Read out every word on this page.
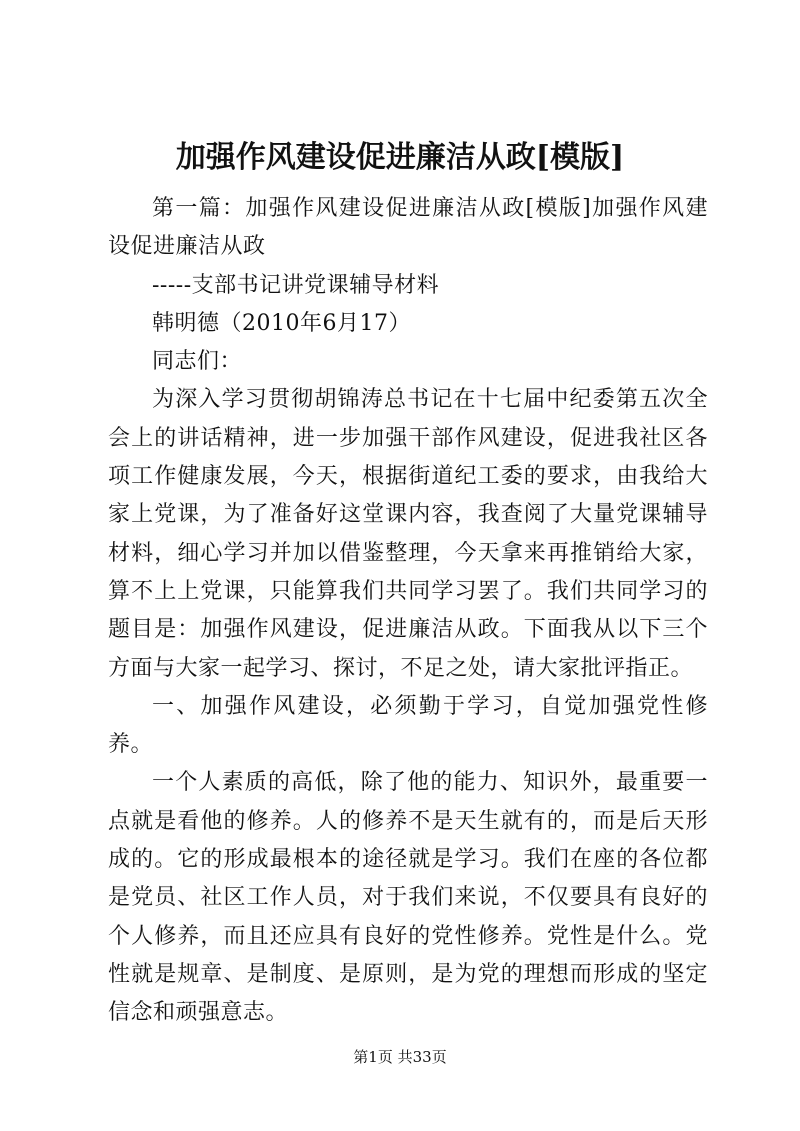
加强作风建设促进廉洁从政[模版]

第一篇：加强作风建设促进廉洁从政[模版]加强作风建设促进廉洁从政

-----支部书记讲党课辅导材料

韩明德（2010年6月17）

同志们：

为深入学习贯彻胡锦涛总书记在十七届中纪委第五次全会上的讲话精神，进一步加强干部作风建设，促进我社区各项工作健康发展，今天，根据街道纪工委的要求，由我给大家上党课，为了准备好这堂课内容，我查阅了大量党课辅导材料，细心学习并加以借鉴整理，今天拿来再推销给大家，算不上上党课，只能算我们共同学习罢了。我们共同学习的题目是：加强作风建设，促进廉洁从政。下面我从以下三个方面与大家一起学习、探讨，不足之处，请大家批评指正。

一、加强作风建设，必须勤于学习，自觉加强党性修养。

一个人素质的高低，除了他的能力、知识外，最重要一点就是看他的修养。人的修养不是天生就有的，而是后天形成的。它的形成最根本的途径就是学习。我们在座的各位都是党员、社区工作人员，对于我们来说，不仅要具有良好的个人修养，而且还应具有良好的党性修养。党性是什么。党性就是规章、是制度、是原则，是为党的理想而形成的坚定信念和顽强意志。

第1页 共33页
